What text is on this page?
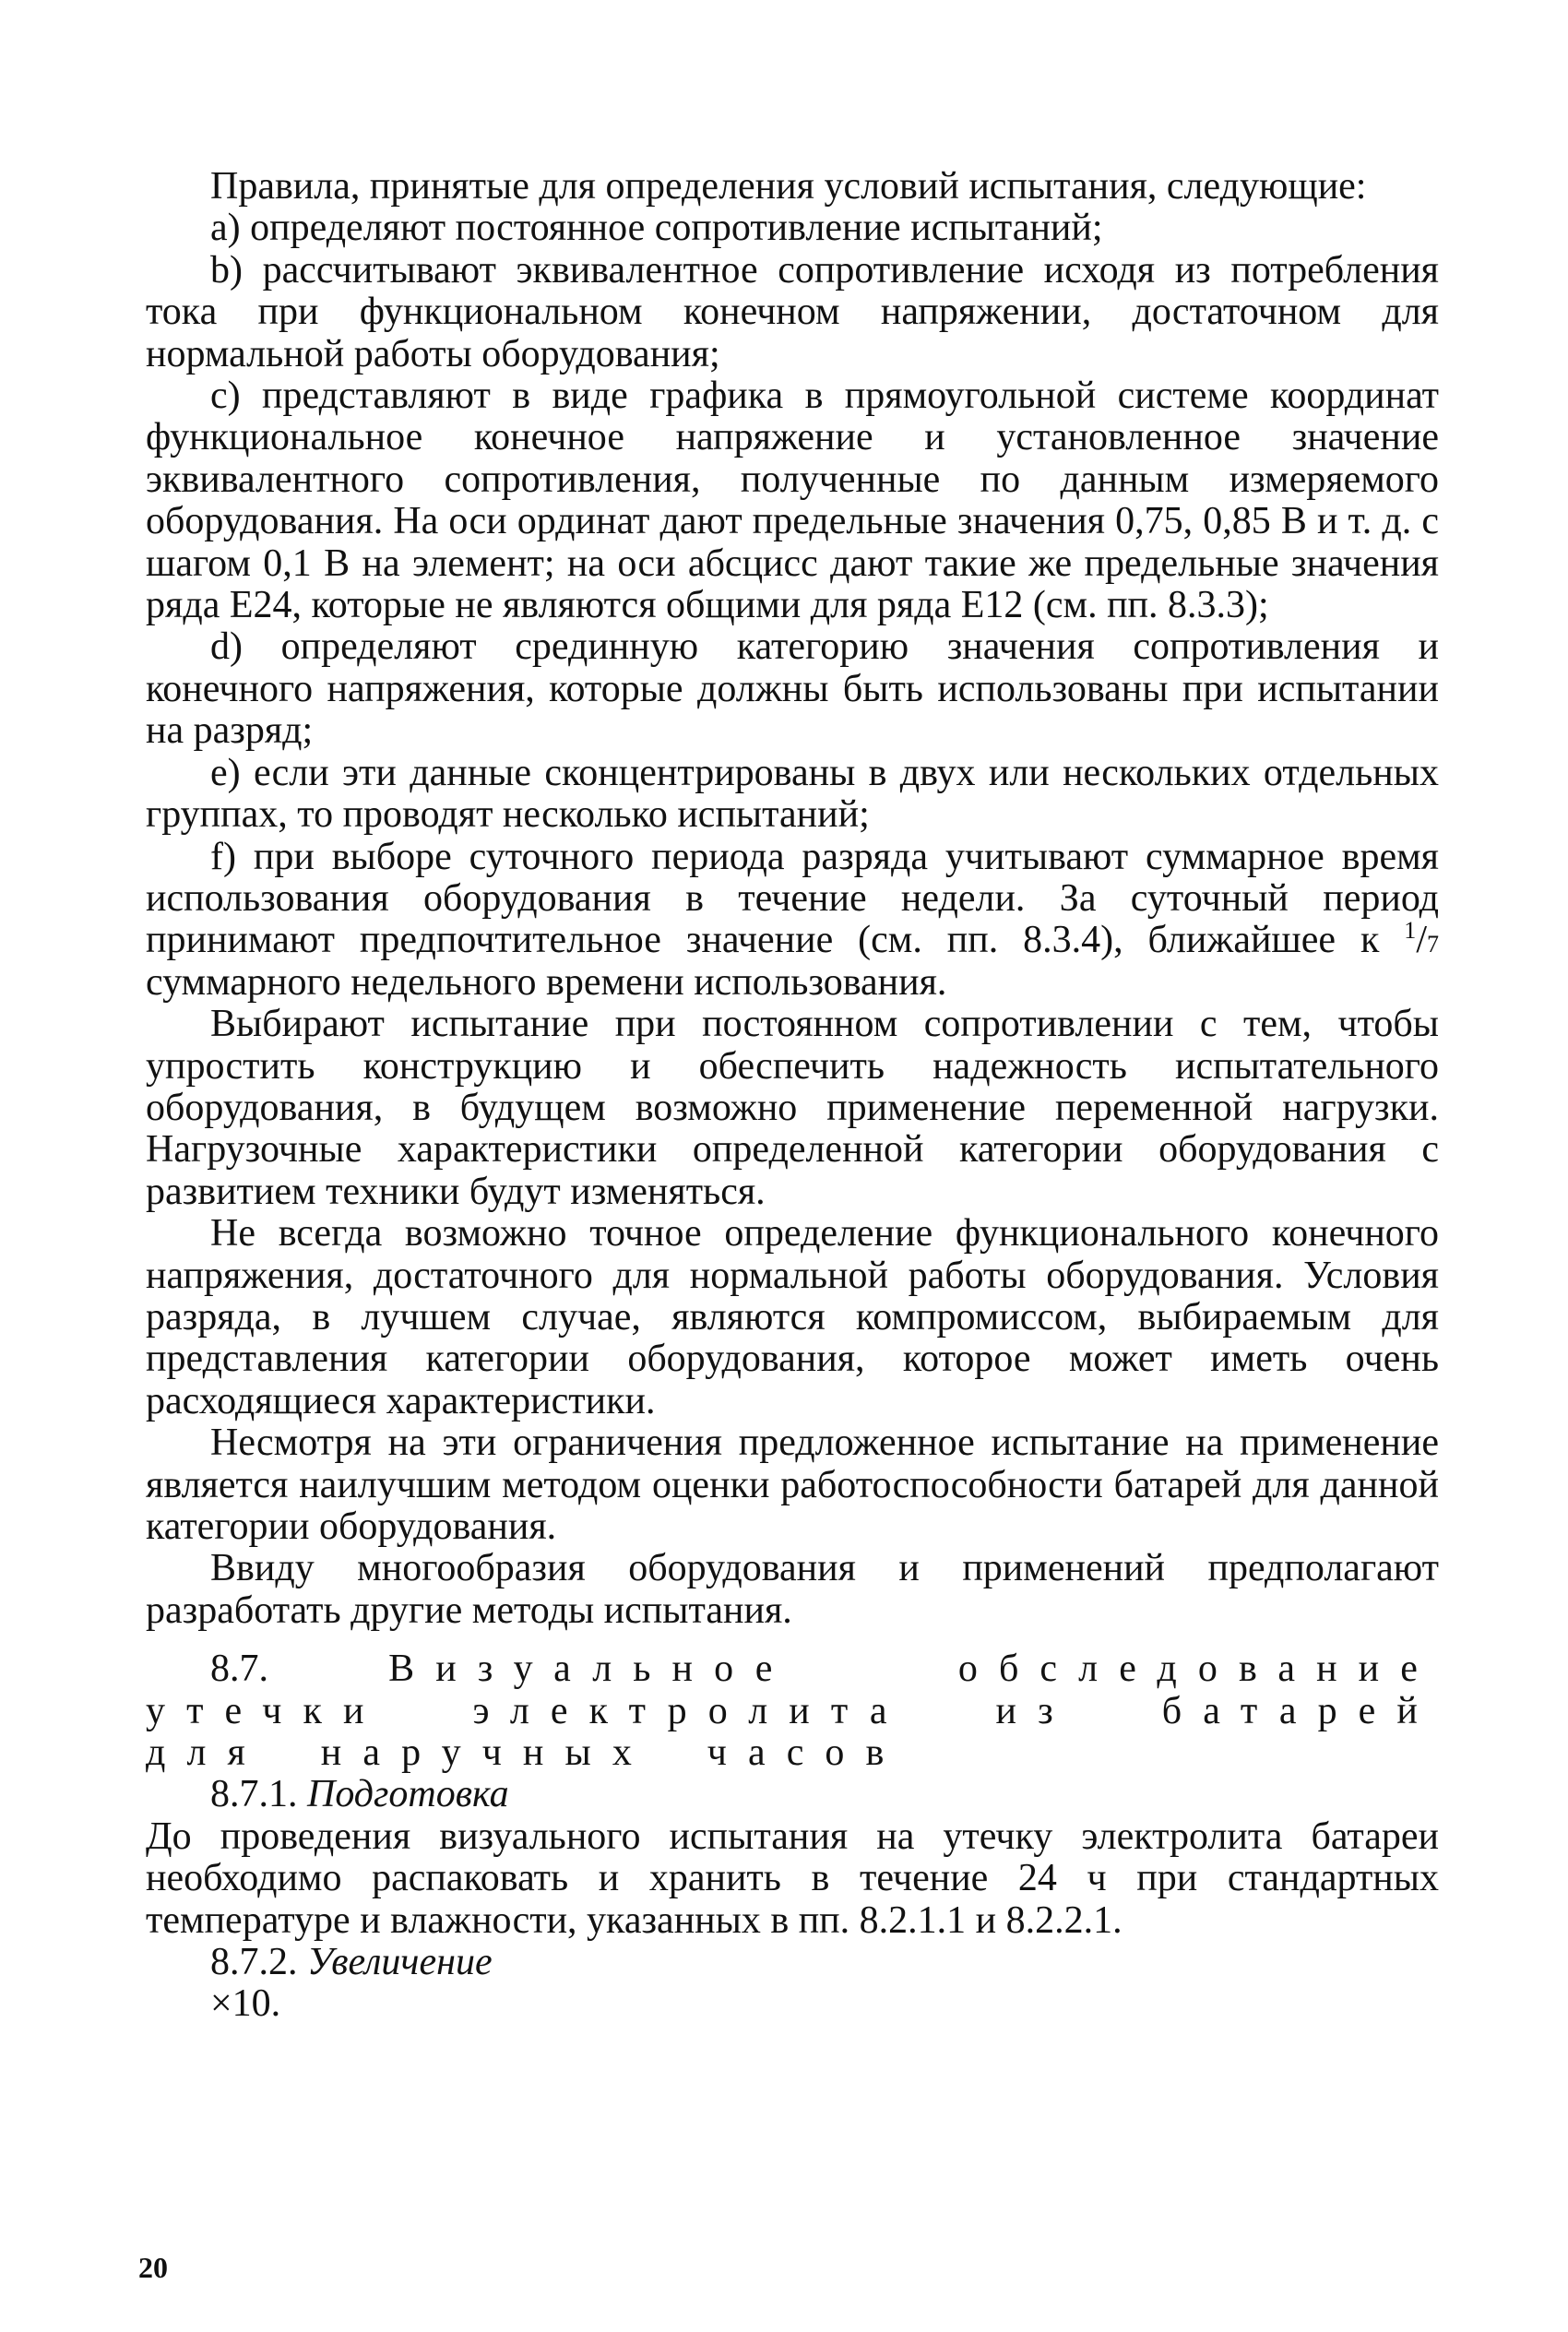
Правила, принятые для определения условий испытания, следующие:

a) определяют постоянное сопротивление испытаний;

b) рассчитывают эквивалентное сопротивление исходя из потребления тока при функциональном конечном напряжении, достаточном для нормальной работы оборудования;

c) представляют в виде графика в прямоугольной системе координат функциональное конечное напряжение и установленное значение эквивалентного сопротивления, полученные по данным измеряемого оборудования. На оси ординат дают предельные значения 0,75, 0,85 В и т. д. с шагом 0,1 В на элемент; на оси абсцисс дают такие же предельные значения ряда Е24, которые не являются общими для ряда Е12 (см. пп. 8.3.3);

d) определяют срединную категорию значения сопротивления и конечного напряжения, которые должны быть использованы при испытании на разряд;

e) если эти данные сконцентрированы в двух или нескольких отдельных группах, то проводят несколько испытаний;

f) при выборе суточного периода разряда учитывают суммарное время использования оборудования в течение недели. За суточный период принимают предпочтительное значение (см. пп. 8.3.4), ближайшее к $^1$/7 суммарного недельного времени использования.

Выбирают испытание при постоянном сопротивлении с тем, чтобы упростить конструкцию и обеспечить надежность испытательного оборудования, в будущем возможно применение переменной нагрузки. Нагрузочные характеристики определенной категории оборудования с развитием техники будут изменяться.

Не всегда возможно точное определение функционального конечного напряжения, достаточного для нормальной работы оборудования. Условия разряда, в лучшем случае, являются компромиссом, выбираемым для представления категории оборудования, которое может иметь очень расходящиеся характеристики.

Несмотря на эти ограничения предложенное испытание на применение является наилучшим методом оценки работоспособности батарей для данной категории оборудования.

Ввиду многообразия оборудования и применений предполагают разработать другие методы испытания.

8.7.	Визуальное обследование утечки электролита из батарей для наручных часов

8.7.1. Подготовка

До проведения визуального испытания на утечку электролита батареи необходимо распаковать и хранить в течение 24 ч при стандартных температуре и влажности, указанных в пп. 8.2.1.1 и 8.2.2.1.

8.7.2. Увеличение

×10.

20
